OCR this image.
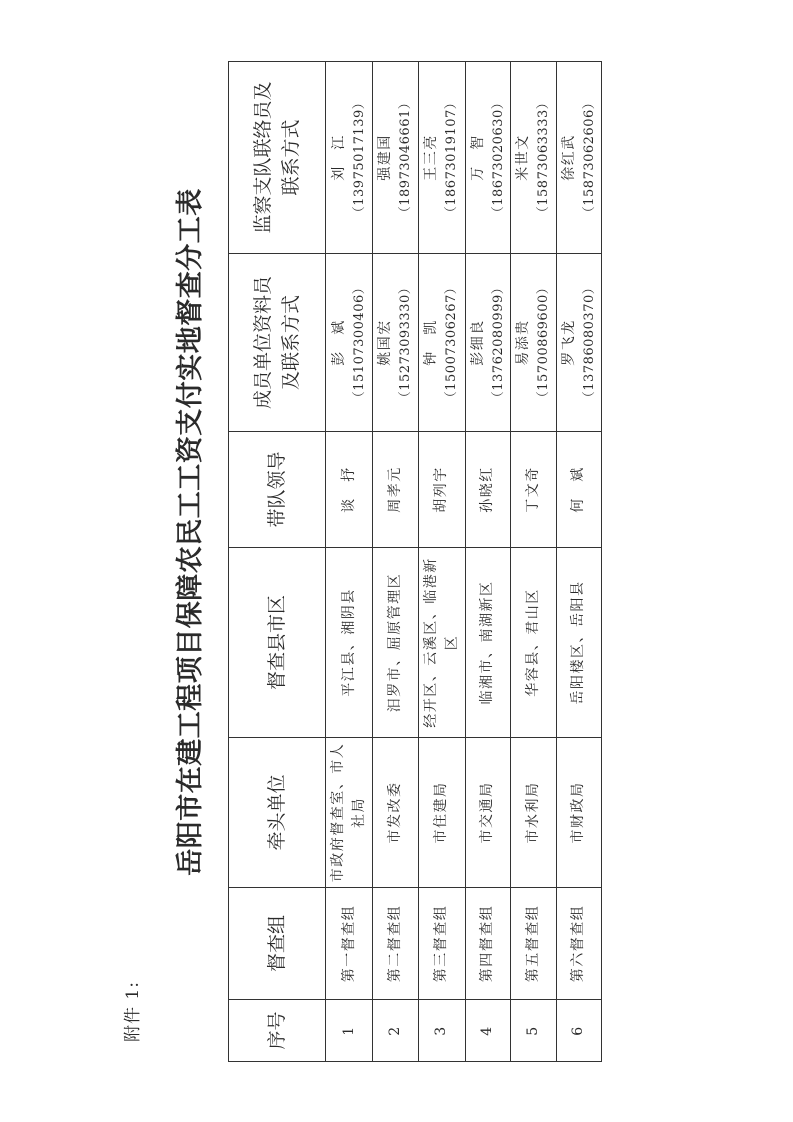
附件 1:
岳阳市在建工程项目保障农民工工资支付实地督查分工表
序号	督查组	牵头单位	督查县市区	带队领导	成员单位资料员及联系方式	监察支队联络员及联系方式
1	第一督查组	市政府督查室、市人社局	平江县、湘阴县	谈　抒	彭　斌 （15107300406）	刘　江 （13975017139）

2	第二督查组	市发改委	汨罗市、屈原管理区	周孝元	姚国宏 （15273093330）	强建国 （18973046661）

3	第三督查组	市住建局	经开区、云溪区、临港新区	胡列宇	钟　凯 （15007306267）	王三亮 （18673019107）

4	第四督查组	市交通局	临湘市、南湖新区	孙晓红	彭细良 （13762080999）	万　智 （18673020630）

5	第五督查组	市水利局	华容县、君山区	丁文奇	易添贵 （15700869600）	米世文 （15873063333）

6	第六督查组	市财政局	岳阳楼区、岳阳县	何　斌	罗飞龙 （13786080370）	徐红武 （15873062606）
